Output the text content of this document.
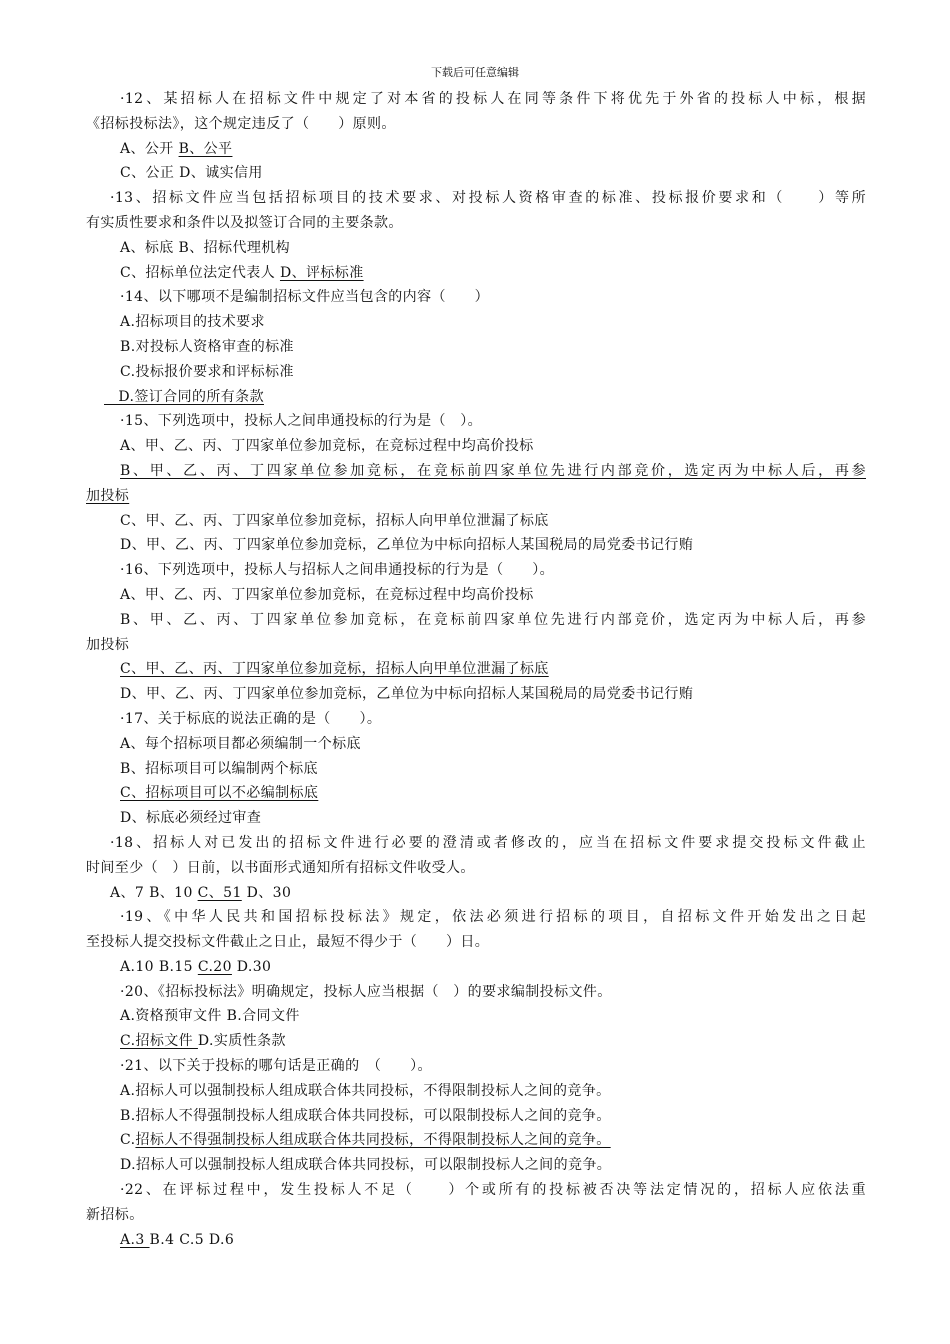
下载后可任意编辑
·12、某招标人在招标文件中规定了对本省的投标人在同等条件下将优先于外省的投标人中标，根据
《招标投标法》，这个规定违反了（　　）原则。
A、公开 B、公平
C、公正 D、诚实信用
·13、招标文件应当包括招标项目的技术要求、对投标人资格审查的标准、投标报价要求和（　　）等所
有实质性要求和条件以及拟签订合同的主要条款。
A、标底 B、招标代理机构
C、招标单位法定代表人 D、评标标准
·14、以下哪项不是编制招标文件应当包含的内容（　　）
A.招标项目的技术要求
B.对投标人资格审查的标准
C.投标报价要求和评标标准
　D.签订合同的所有条款
·15、下列选项中，投标人之间串通投标的行为是（　）。
A、甲、乙、丙、丁四家单位参加竞标，在竞标过程中均高价投标
B、甲、乙、丙、丁四家单位参加竞标，在竞标前四家单位先进行内部竞价，选定丙为中标人后，再参
加投标
C、甲、乙、丙、丁四家单位参加竞标，招标人向甲单位泄漏了标底
D、甲、乙、丙、丁四家单位参加竞标，乙单位为中标向招标人某国税局的局党委书记行贿
·16、下列选项中，投标人与招标人之间串通投标的行为是（　　）。
A、甲、乙、丙、丁四家单位参加竞标，在竞标过程中均高价投标
B、甲、乙、丙、丁四家单位参加竞标，在竞标前四家单位先进行内部竞价，选定丙为中标人后，再参
加投标
C、甲、乙、丙、丁四家单位参加竞标，招标人向甲单位泄漏了标底
D、甲、乙、丙、丁四家单位参加竞标，乙单位为中标向招标人某国税局的局党委书记行贿
·17、关于标底的说法正确的是（　　）。
A、每个招标项目都必须编制一个标底
B、招标项目可以编制两个标底
C、招标项目可以不必编制标底
D、标底必须经过审查
·18、招标人对已发出的招标文件进行必要的澄清或者修改的，应当在招标文件要求提交投标文件截止
时间至少（　）日前，以书面形式通知所有招标文件收受人。
A、7 B、10 C、51 D、30
·19、《中华人民共和国招标投标法》规定，依法必须进行招标的项目，自招标文件开始发出之日起
至投标人提交投标文件截止之日止，最短不得少于（　　）日。
A.10 B.15 C.20 D.30
·20、《招标投标法》明确规定，投标人应当根据（　）的要求编制投标文件。
A.资格预审文件 B.合同文件
C.招标文件 D.实质性条款
·21、以下关于投标的哪句话是正确的　（　　）。
A.招标人可以强制投标人组成联合体共同投标，不得限制投标人之间的竞争。
B.招标人不得强制投标人组成联合体共同投标，可以限制投标人之间的竞争。
C.招标人不得强制投标人组成联合体共同投标，不得限制投标人之间的竞争。
D.招标人可以强制投标人组成联合体共同投标，可以限制投标人之间的竞争。
·22、在评标过程中，发生投标人不足（　　）个或所有的投标被否决等法定情况的，招标人应依法重
新招标。
A.3 B.4 C.5 D.6
